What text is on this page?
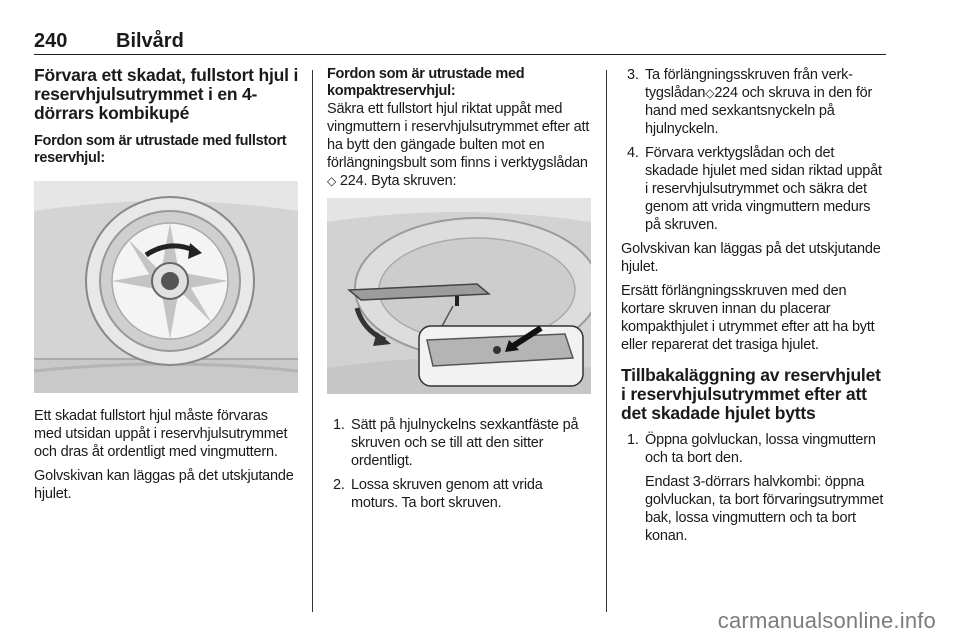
240 Bilvård
Förvara ett skadat, fullstort hjul i reservhjulsutrymmet i en 4-dörrars kombikupé
Fordon som är utrustade med fullstort reservhjul:

Ett skadat fullstort hjul måste förvaras med utsidan uppåt i reservhjulsutrymmet och dras åt ordentligt med vingmuttern.

Golvskivan kan läggas på det utskjutande hjulet.

Fordon som är utrustade med kompaktreservhjul:

Säkra ett fullstort hjul riktat uppåt med vingmuttern i reservhjulsutrymmet efter att ha bytt den gängade bulten mot en förlängningsbult som finns i verktygslådan ◇ 224. Byta skruven:

1. Sätt på hjulnyckelns sexkantfäste på skruven och se till att den sitter ordentligt.
2. Lossa skruven genom att vrida moturs. Ta bort skruven.
3. Ta förlängningsskruven från verktygslådan◇224 och skruva in den för hand med sexkantsnyckeln på hjulnyckeln.
4. Förvara verktygslådan och det skadade hjulet med sidan riktad uppåt i reservhjulsutrymmet och säkra det genom att vrida vingmuttern medurs på skruven.

Golvskivan kan läggas på det utskjutande hjulet.

Ersätt förlängningsskruven med den kortare skruven innan du placerar kompakthjulet i utrymmet efter att ha bytt eller reparerat det trasiga hjulet.

Tillbakaläggning av reservhjulet i reservhjulsutrymmet efter att det skadade hjulet bytts
1. Öppna golvluckan, lossa vingmuttern och ta bort den.
Endast 3-dörrars halvkombi: öppna golvluckan, ta bort förvaringsutrymmet bak, lossa vingmuttern och ta bort konan.
carmanualsonline.info
